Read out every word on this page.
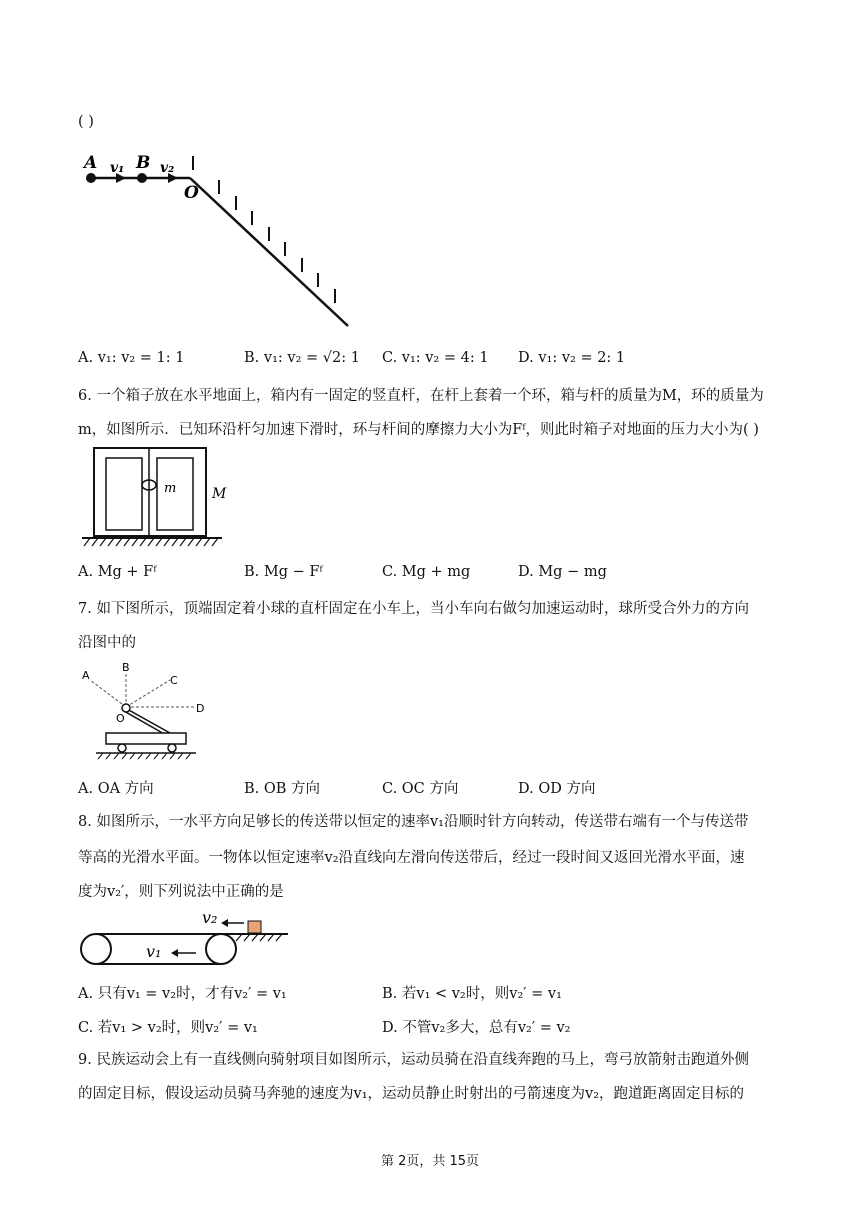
( )
A v₁ B v₂
O
A. v₁: v₂ = 1: 1	B. v₁: v₂ = √2: 1 C. v₁: v₂ = 4: 1 D. v₁: v₂ = 2: 1
6. 一个箱子放在水平地面上，箱内有一固定的竖直杆，在杆上套着一个环，箱与杆的质量为M，环的质量为
m，如图所示．已知环沿杆匀加速下滑时，环与杆间的摩擦力大小为Fᶠ，则此时箱子对地面的压力大小为( )
m	M
A. Mg + Fᶠ	B. Mg − Fᶠ	C. Mg + mg	D. Mg − mg
7. 如下图所示，顶端固定着小球的直杆固定在小车上，当小车向右做匀加速运动时，球所受合外力的方向
沿图中的
A
B
C
D
O
A. OA 方向	B. OB 方向	C. OC 方向	D. OD 方向
8. 如图所示，一水平方向足够长的传送带以恒定的速率v₁沿顺时针方向转动，传送带右端有一个与传送带
等高的光滑水平面。一物体以恒定速率v₂沿直线向左滑向传送带后，经过一段时间又返回光滑水平面，速
度为v₂′，则下列说法中正确的是
v₂
v₁
A. 只有v₁ = v₂时，才有v₂′ = v₁	B. 若v₁ < v₂时，则v₂′ = v₁
C. 若v₁ > v₂时，则v₂′ = v₁	D. 不管v₂多大，总有v₂′ = v₂
9. 民族运动会上有一直线侧向骑射项目如图所示，运动员骑在沿直线奔跑的马上，弯弓放箭射击跑道外侧
的固定目标，假设运动员骑马奔驰的速度为v₁，运动员静止时射出的弓箭速度为v₂，跑道距离固定目标的
第 2页，共 15页
